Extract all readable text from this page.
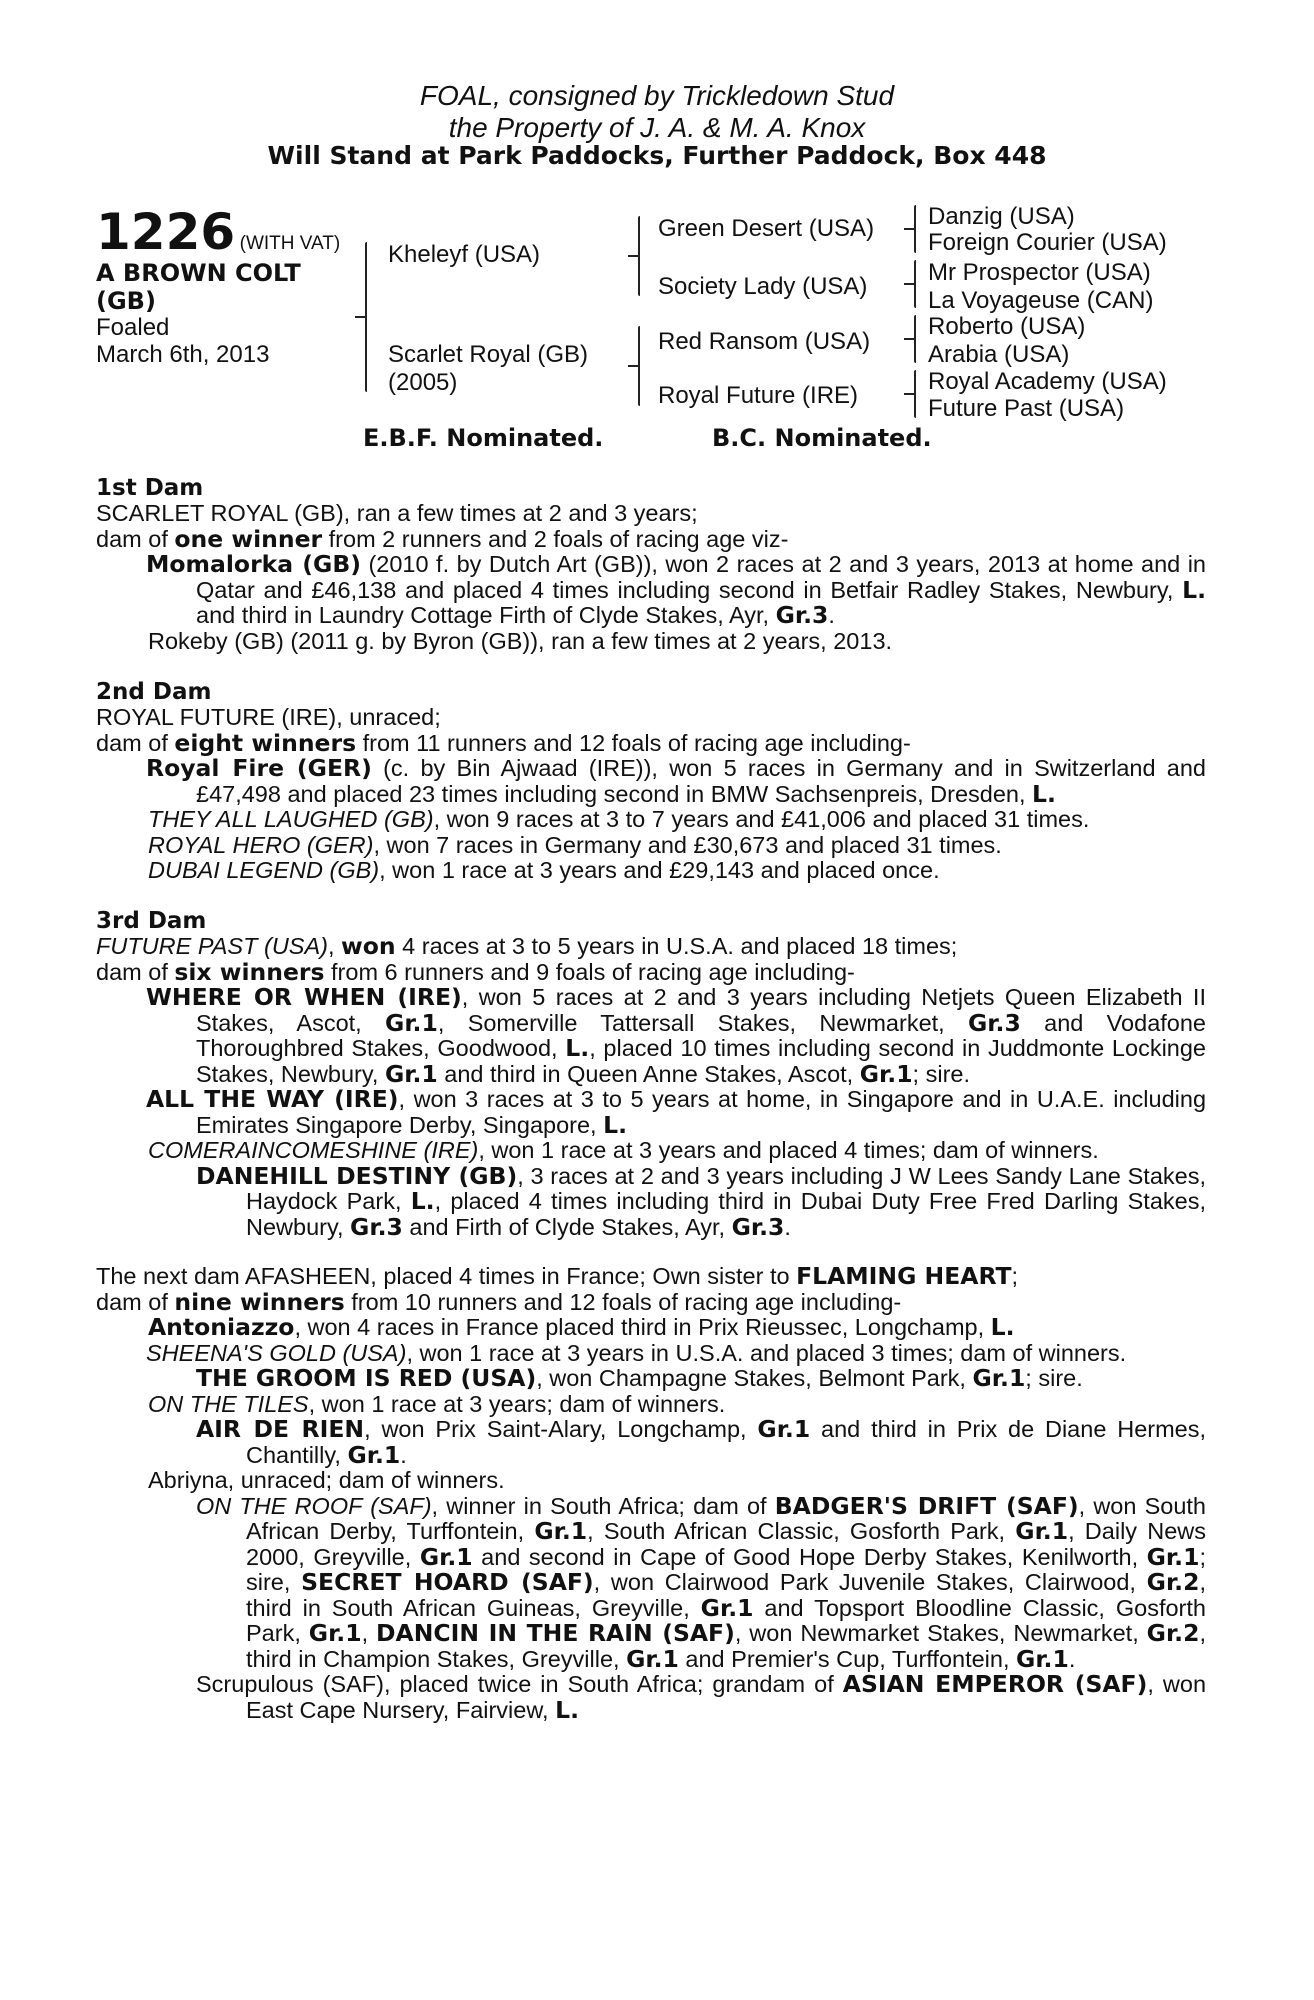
FOAL, consigned by Trickledown Stud
the Property of J. A. & M. A. Knox
Will Stand at Park Paddocks, Further Paddock, Box 448
1226 (WITH VAT)
A BROWN COLT
(GB)
Foaled
March 6th, 2013
Kheleyf (USA)
Scarlet Royal (GB)
(2005)
Green Desert (USA)
Society Lady (USA)
Red Ransom (USA)
Royal Future (IRE)
Danzig (USA)
Foreign Courier (USA)
Mr Prospector (USA)
La Voyageuse (CAN)
Roberto (USA)
Arabia (USA)
Royal Academy (USA)
Future Past (USA)
E.B.F. Nominated.	B.C. Nominated.

1st Dam

SCARLET ROYAL (GB), ran a few times at 2 and 3 years;

dam of one winner from 2 runners and 2 foals of racing age viz-

Momalorka (GB) (2010 f. by Dutch Art (GB)), won 2 races at 2 and 3 years, 2013 at home and in Qatar and £46,138 and placed 4 times including second in Betfair Radley Stakes, Newbury, L. and third in Laundry Cottage Firth of Clyde Stakes, Ayr, Gr.3.

Rokeby (GB) (2011 g. by Byron (GB)), ran a few times at 2 years, 2013.

2nd Dam

ROYAL FUTURE (IRE), unraced;

dam of eight winners from 11 runners and 12 foals of racing age including-

Royal Fire (GER) (c. by Bin Ajwaad (IRE)), won 5 races in Germany and in Switzerland and £47,498 and placed 23 times including second in BMW Sachsenpreis, Dresden, L.

THEY ALL LAUGHED (GB), won 9 races at 3 to 7 years and £41,006 and placed 31 times.

ROYAL HERO (GER), won 7 races in Germany and £30,673 and placed 31 times.

DUBAI LEGEND (GB), won 1 race at 3 years and £29,143 and placed once.

3rd Dam

FUTURE PAST (USA), won 4 races at 3 to 5 years in U.S.A. and placed 18 times;

dam of six winners from 6 runners and 9 foals of racing age including-

WHERE OR WHEN (IRE), won 5 races at 2 and 3 years including Netjets Queen Elizabeth II Stakes, Ascot, Gr.1, Somerville Tattersall Stakes, Newmarket, Gr.3 and Vodafone Thoroughbred Stakes, Goodwood, L., placed 10 times including second in Juddmonte Lockinge Stakes, Newbury, Gr.1 and third in Queen Anne Stakes, Ascot, Gr.1; sire.

ALL THE WAY (IRE), won 3 races at 3 to 5 years at home, in Singapore and in U.A.E. including Emirates Singapore Derby, Singapore, L.

COMERAINCOMESHINE (IRE), won 1 race at 3 years and placed 4 times; dam of winners.

DANEHILL DESTINY (GB), 3 races at 2 and 3 years including J W Lees Sandy Lane Stakes, Haydock Park, L., placed 4 times including third in Dubai Duty Free Fred Darling Stakes, Newbury, Gr.3 and Firth of Clyde Stakes, Ayr, Gr.3.

The next dam AFASHEEN, placed 4 times in France; Own sister to FLAMING HEART;

dam of nine winners from 10 runners and 12 foals of racing age including-

Antoniazzo, won 4 races in France placed third in Prix Rieussec, Longchamp, L.

SHEENA'S GOLD (USA), won 1 race at 3 years in U.S.A. and placed 3 times; dam of winners.

THE GROOM IS RED (USA), won Champagne Stakes, Belmont Park, Gr.1; sire.

ON THE TILES, won 1 race at 3 years; dam of winners.

AIR DE RIEN, won Prix Saint-Alary, Longchamp, Gr.1 and third in Prix de Diane Hermes, Chantilly, Gr.1.

Abriyna, unraced; dam of winners.

ON THE ROOF (SAF), winner in South Africa; dam of BADGER'S DRIFT (SAF), won South African Derby, Turffontein, Gr.1, South African Classic, Gosforth Park, Gr.1, Daily News 2000, Greyville, Gr.1 and second in Cape of Good Hope Derby Stakes, Kenilworth, Gr.1; sire, SECRET HOARD (SAF), won Clairwood Park Juvenile Stakes, Clairwood, Gr.2, third in South African Guineas, Greyville, Gr.1 and Topsport Bloodline Classic, Gosforth Park, Gr.1, DANCIN IN THE RAIN (SAF), won Newmarket Stakes, Newmarket, Gr.2, third in Champion Stakes, Greyville, Gr.1 and Premier's Cup, Turffontein, Gr.1.

Scrupulous (SAF), placed twice in South Africa; grandam of ASIAN EMPEROR (SAF), won East Cape Nursery, Fairview, L.
